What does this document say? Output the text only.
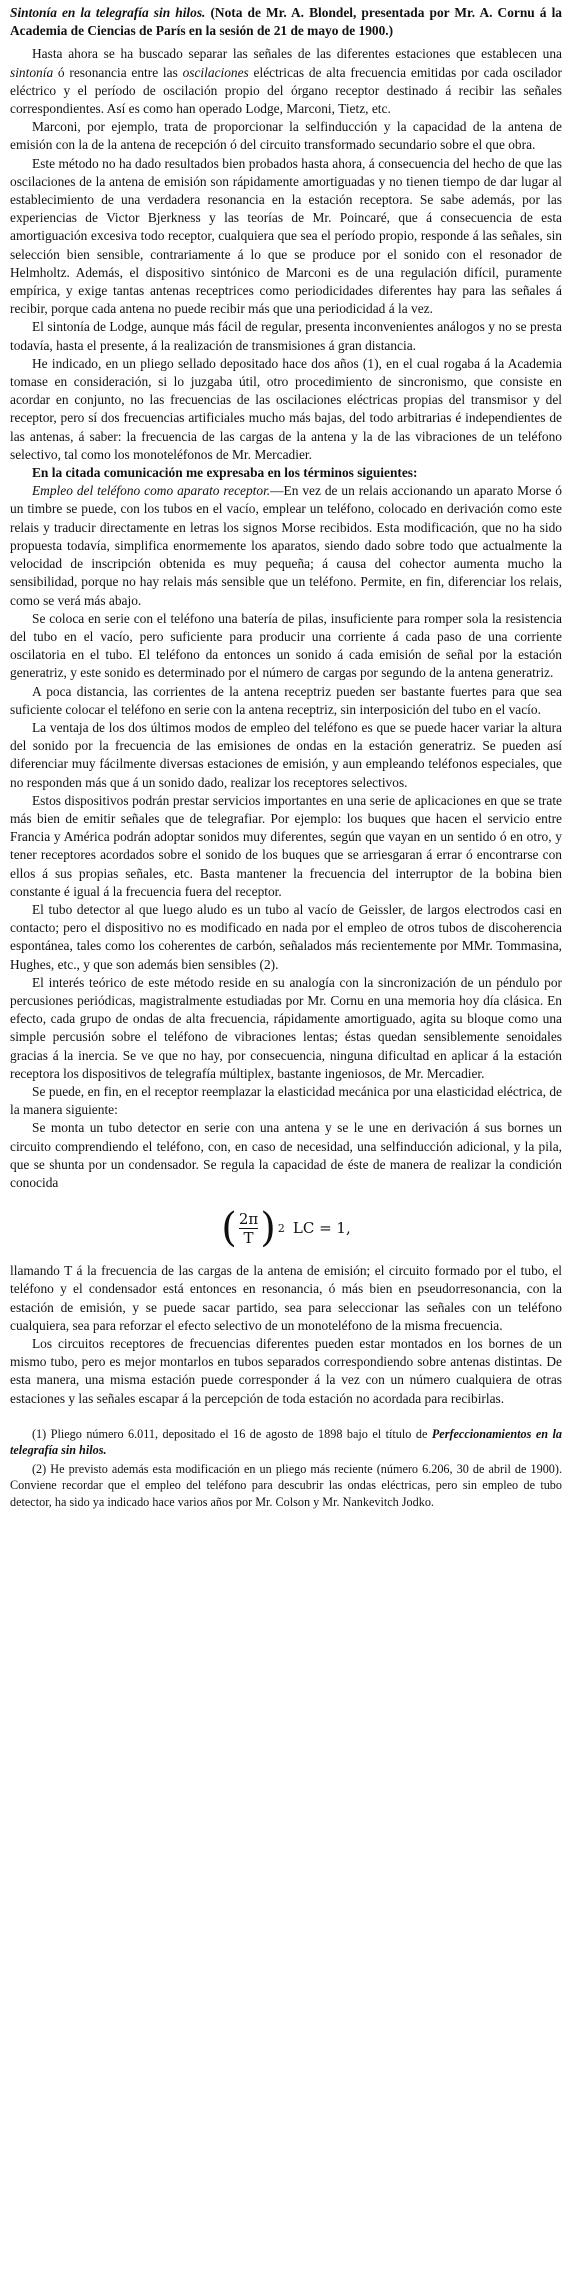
Sintonía en la telegrafía sin hilos. (Nota de Mr. A. Blondel, presentada por Mr. A. Cornu á la Academia de Ciencias de París en la sesión de 21 de mayo de 1900.)

Hasta ahora se ha buscado separar las señales de las diferentes estaciones que establecen una sintonía ó resonancia entre las oscilaciones eléctricas de alta frecuencia emitidas por cada oscilador eléctrico y el período de oscilación propio del órgano receptor destinado á recibir las señales correspondientes. Así es como han operado Lodge, Marconi, Tietz, etc.

Marconi, por ejemplo, trata de proporcionar la selfinducción y la capacidad de la antena de emisión con la de la antena de recepción ó del circuito transformado secundario sobre el que obra.

Este método no ha dado resultados bien probados hasta ahora, á consecuencia del hecho de que las oscilaciones de la antena de emisión son rápidamente amortiguadas y no tienen tiempo de dar lugar al establecimiento de una verdadera resonancia en la estación receptora. Se sabe además, por las experiencias de Victor Bjerkness y las teorías de Mr. Poincaré, que á consecuencia de esta amortiguación excesiva todo receptor, cualquiera que sea el período propio, responde á las señales, sin selección bien sensible, contrariamente á lo que se produce por el sonido con el resonador de Helmholtz. Además, el dispositivo sintónico de Marconi es de una regulación difícil, puramente empírica, y exige tantas antenas receptrices como periodicidades diferentes hay para las señales á recibir, porque cada antena no puede recibir más que una periodicidad á la vez.

El sintonía de Lodge, aunque más fácil de regular, presenta inconvenientes análogos y no se presta todavía, hasta el presente, á la realización de transmisiones á gran distancia.

He indicado, en un pliego sellado depositado hace dos años (1), en el cual rogaba á la Academia tomase en consideración, si lo juzgaba útil, otro procedimiento de sincronismo, que consiste en acordar en conjunto, no las frecuencias de las oscilaciones eléctricas propias del transmisor y del receptor, pero sí dos frecuencias artificiales mucho más bajas, del todo arbitrarias é independientes de las antenas, á saber: la frecuencia de las cargas de la antena y la de las vibraciones de un teléfono selectivo, tal como los monoteléfonos de Mr. Mercadier.

En la citada comunicación me expresaba en los términos siguientes:

Empleo del teléfono como aparato receptor.—En vez de un relais accionando un aparato Morse ó un timbre se puede, con los tubos en el vacío, emplear un teléfono, colocado en derivación como este relais y traducir directamente en letras los signos Morse recibidos. Esta modificación, que no ha sido propuesta todavía, simplifica enormemente los aparatos, siendo dado sobre todo que actualmente la velocidad de inscripción obtenida es muy pequeña; á causa del cohector aumenta mucho la sensibilidad, porque no hay relais más sensible que un teléfono. Permite, en fin, diferenciar los relais, como se verá más abajo.

Se coloca en serie con el teléfono una batería de pilas, insuficiente para romper sola la resistencia del tubo en el vacío, pero suficiente para producir una corriente á cada paso de una corriente oscilatoria en el tubo. El teléfono da entonces un sonido á cada emisión de señal por la estación generatriz, y este sonido es determinado por el número de cargas por segundo de la antena generatriz.

A poca distancia, las corrientes de la antena receptriz pueden ser bastante fuertes para que sea suficiente colocar el teléfono en serie con la antena receptriz, sin interposición del tubo en el vacío.

La ventaja de los dos últimos modos de empleo del teléfono es que se puede hacer variar la altura del sonido por la frecuencia de las emisiones de ondas en la estación generatriz. Se pueden así diferenciar muy fácilmente diversas estaciones de emisión, y aun empleando teléfonos especiales, que no responden más que á un sonido dado, realizar los receptores selectivos.

Estos dispositivos podrán prestar servicios importantes en una serie de aplicaciones en que se trate más bien de emitir señales que de telegrafiar. Por ejemplo: los buques que hacen el servicio entre Francia y América podrán adoptar sonidos muy diferentes, según que vayan en un sentido ó en otro, y tener receptores acordados sobre el sonido de los buques que se arriesgaran á errar ó encontrarse con ellos á sus propias señales, etc. Basta mantener la frecuencia del interruptor de la bobina bien constante é igual á la frecuencia fuera del receptor.

El tubo detector al que luego aludo es un tubo al vacío de Geissler, de largos electrodos casi en contacto; pero el dispositivo no es modificado en nada por el empleo de otros tubos de discoherencia espontánea, tales como los coherentes de carbón, señalados más recientemente por MMr. Tommasina, Hughes, etc., y que son además bien sensibles (2).

El interés teórico de este método reside en su analogía con la sincronización de un péndulo por percusiones periódicas, magistralmente estudiadas por Mr. Cornu en una memoria hoy día clásica. En efecto, cada grupo de ondas de alta frecuencia, rápidamente amortiguado, agita su bloque como una simple percusión sobre el teléfono de vibraciones lentas; éstas quedan sensiblemente senoidales gracias á la inercia. Se ve que no hay, por consecuencia, ninguna dificultad en aplicar á la estación receptora los dispositivos de telegrafía múltiplex, bastante ingeniosos, de Mr. Mercadier.

Se puede, en fin, en el receptor reemplazar la elasticidad mecánica por una elasticidad eléctrica, de la manera siguiente:

Se monta un tubo detector en serie con una antena y se le une en derivación á sus bornes un circuito comprendiendo el teléfono, con, en caso de necesidad, una selfinducción adicional, y la pila, que se shunta por un condensador. Se regula la capacidad de éste de manera de realizar la condición conocida

( $\frac{2\pi}{T}$ ) 2 LC = 1,

llamando T á la frecuencia de las cargas de la antena de emisión; el circuito formado por el tubo, el teléfono y el condensador está entonces en resonancia, ó más bien en pseudorresonancia, con la estación de emisión, y se puede sacar partido, sea para seleccionar las señales con un teléfono cualquiera, sea para reforzar el efecto selectivo de un monoteléfono de la misma frecuencia.

Los circuitos receptores de frecuencias diferentes pueden estar montados en los bornes de un mismo tubo, pero es mejor montarlos en tubos separados correspondiendo sobre antenas distintas. De esta manera, una misma estación puede corresponder á la vez con un número cualquiera de otras estaciones y las señales escapar á la percepción de toda estación no acordada para recibirlas.

(1) Pliego número 6.011, depositado el 16 de agosto de 1898 bajo el título de Perfeccionamientos en la telegrafía sin hilos.

(2) He previsto además esta modificación en un pliego más reciente (número 6.206, 30 de abril de 1900). Conviene recordar que el empleo del teléfono para descubrir las ondas eléctricas, pero sin empleo de tubo detector, ha sido ya indicado hace varios años por Mr. Colson y Mr. Nankevitch Jodko.
